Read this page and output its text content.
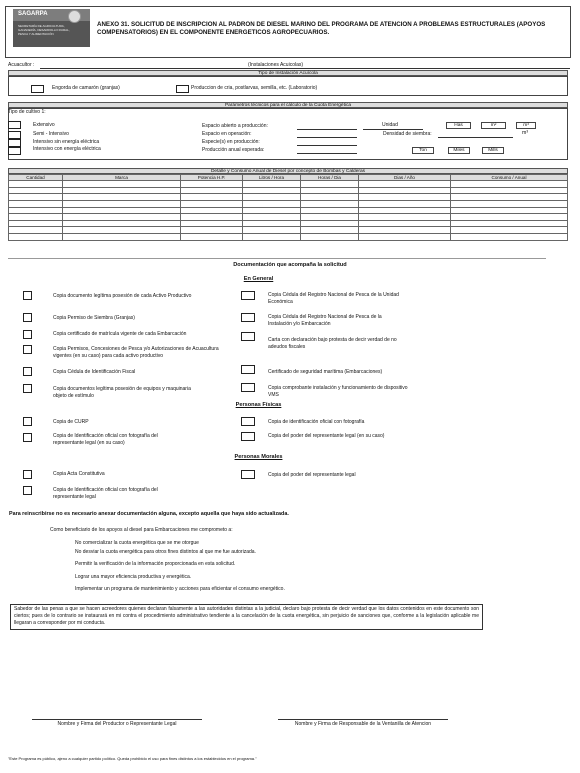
SAGARPA
SECRETARÍA DE AGRICULTURA, GANADERÍA, DESARROLLO RURAL, PESCA Y ALIMENTACIÓN
ANEXO 31. SOLICITUD DE INSCRIPCION AL PADRON DE DIESEL MARINO DEL PROGRAMA DE ATENCION A PROBLEMAS ESTRUCTURALES (APOYOS COMPENSATORIOS) EN EL COMPONENTE ENERGETICOS AGROPECUARIOS.
Acuacultor :	(Instalaciones Acuicolas)
Tipo de Instalación Acuícola
Engorda de camarón (granjas)	Produccion de cria, postlarvas, semilla, etc. (Laboratorio)
Parámetros técnicos para el cálculo de la Cuota Energética
Tipo de cultivo 1:
Extensivo
Semi - Intensivo
Intensivo sin energía eléctrica
Intensivo con energía eléctrica
Espacio abierto a producción:
Espacio en operación:
Especie(s) en producción:
Producción anual esperada:
Unidad	Has	m²	m³
Densidad de siembra:	m³
Ton	Miles	Mills
Detalle y Consumo Anual de Diesel por concepto de Bombas y Calderas
Cantidad	Marca	Potencia H.P.	Litros / Hora	Horas / Dia	Dias / Año	Consumo / Anual

Documentación que acompaña la solicitud
En General
Copia documento legítima posesión de cada Activo Productivo
Copia Permiso de Siembra (Granjas)
Copia certificado de matrícula vigente de cada Embarcación
Copia Permisos, Concesiones de Pesca y/o Autorizaciones de Acuacultura vigentes (en su caso) para cada activo productivo
Copia Cédula de Identificación Fiscal
Copia documentos legítima posesión de equipos y maquinaria objeto de estímulo
Copia Cédula del Registro Nacional de Pesca de la Unidad Económica
Copia Cédula del Registro Nacional de Pesca de la Instalación y/o Embarcación
Carta con declaración bajo protesta de decir verdad de no adeudos fiscales
Certificado de seguridad marítima (Embarcaciones)
Copia comprobante instalación y funcionamiento de dispositivo VMS
Personas Físicas
Copia de CURP
Copia de Identificación oficial con fotografía del representante legal (en su caso)
Copia de identificación oficial con fotografía
Copia del poder del representante legal (en su caso)
Personas Morales
Copia Acta Constitutiva
Copia de Identificación oficial con fotografía del representante legal
Copia del poder del representante legal
Para reinscribirse no es necesario anexar documentación alguna, excepto aquella que haya sido actualizada.
Como beneficiario de los apoyos al diesel para Embarcaciones me comprometo a:
No comercializar la cuota energética que se me otorgue
No desviar la cuota energética para otros fines distintos al que me fue autorizada.
Permitir la verificación de la información proporcionada en esta solicitud.
Lograr una mayor eficiencia productiva y energética.
Implementar un programa de mantenimiento y acciones para eficientar el consumo energético.
Sabedor de las penas a que se hacen acreedores quienes declaran falsamente a las autoridades distintas a la judicial, declaro bajo protesta de decir verdad que los datos contenidos en este documento son ciertos; pues de lo contrario se instaurará en mi contra el procedimiento administrativo tendiente a la cancelación de la cuota energética, sin perjuicio de sanciones que, conforme a la legislación aplicable me llegaran a corresponder por mi conducta.
Nombre y Firma del Productor o Representante Legal	Nombre y Firma de Responsable de la Ventanilla de Atencion
"Este Programa es público, ajeno a cualquier partido político. Queda prohibido el uso para fines distintos a los establecidos en el programa."
